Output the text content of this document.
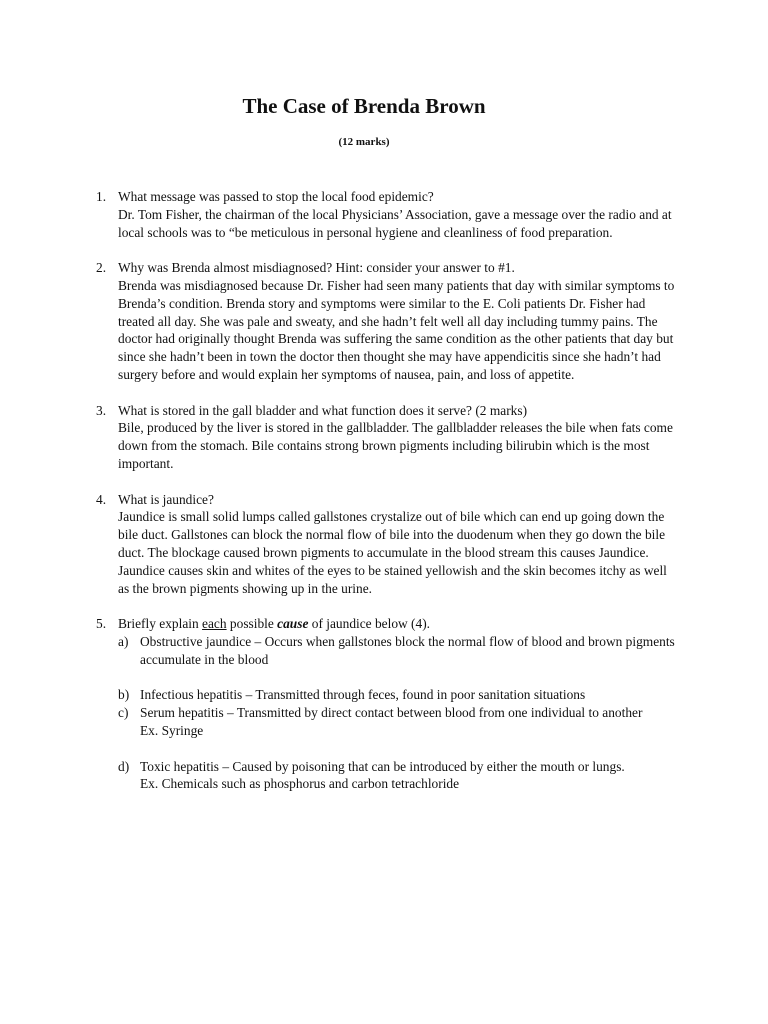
The Case of Brenda Brown
(12 marks)
1. What message was passed to stop the local food epidemic?
Dr. Tom Fisher, the chairman of the local Physicians’ Association, gave a message over the radio and at local schools was to “be meticulous in personal hygiene and cleanliness of food preparation.
2. Why was Brenda almost misdiagnosed? Hint: consider your answer to #1.
Brenda was misdiagnosed because Dr. Fisher had seen many patients that day with similar symptoms to Brenda’s condition. Brenda story and symptoms were similar to the E. Coli patients Dr. Fisher had treated all day. She was pale and sweaty, and she hadn’t felt well all day including tummy pains. The doctor had originally thought Brenda was suffering the same condition as the other patients that day but since she hadn’t been in town the doctor then thought she may have appendicitis since she hadn’t had surgery before and would explain her symptoms of nausea, pain, and loss of appetite.
3. What is stored in the gall bladder and what function does it serve? (2 marks)
Bile, produced by the liver is stored in the gallbladder. The gallbladder releases the bile when fats come down from the stomach. Bile contains strong brown pigments including bilirubin which is the most important.
4. What is jaundice?
Jaundice is small solid lumps called gallstones crystalize out of bile which can end up going down the bile duct. Gallstones can block the normal flow of bile into the duodenum when they go down the bile duct. The blockage caused brown pigments to accumulate in the blood stream this causes Jaundice. Jaundice causes skin and whites of the eyes to be stained yellowish and the skin becomes itchy as well as the brown pigments showing up in the urine.
5. Briefly explain each possible cause of jaundice below (4).
a) Obstructive jaundice – Occurs when gallstones block the normal flow of blood and brown pigments accumulate in the blood
b) Infectious hepatitis – Transmitted through feces, found in poor sanitation situations
c) Serum hepatitis – Transmitted by direct contact between blood from one individual to another
Ex. Syringe
d) Toxic hepatitis – Caused by poisoning that can be introduced by either the mouth or lungs.
Ex. Chemicals such as phosphorus and carbon tetrachloride
